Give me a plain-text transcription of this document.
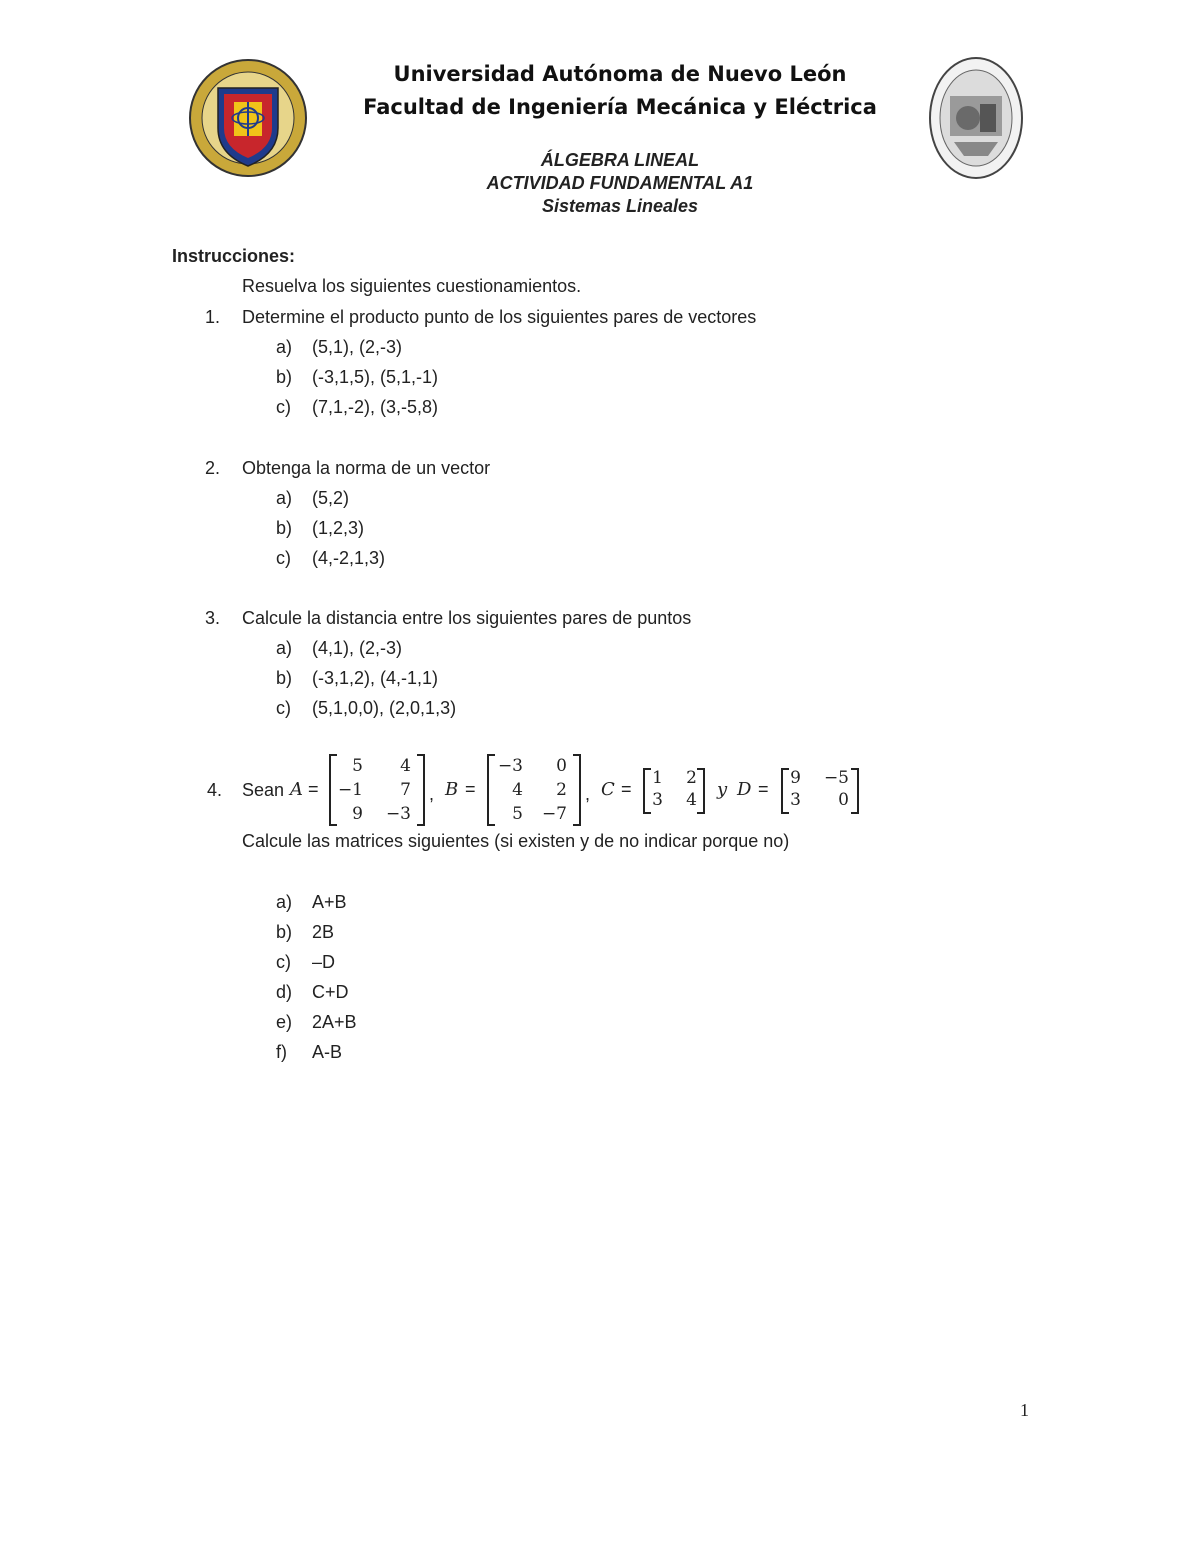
Universidad Autónoma de Nuevo León
Facultad de Ingeniería Mecánica y Eléctrica
ÁLGEBRA LINEAL
ACTIVIDAD FUNDAMENTAL A1
Sistemas Lineales
Instrucciones:
Resuelva los siguientes cuestionamientos.
1. Determine el producto punto de los siguientes pares de vectores
a) (5,1), (2,-3)
b) (-3,1,5), (5,1,-1)
c) (7,1,-2), (3,-5,8)
2. Obtenga la norma de un vector
a) (5,2)
b) (1,2,3)
c) (4,-2,1,3)
3. Calcule la distancia entre los siguientes pares de puntos
a) (4,1), (2,-3)
b) (-3,1,2), (4,-1,1)
c) (5,1,0,0), (2,0,1,3)
4. Sean A =
5	4
−1	7
9 −3
, B =
−3	0
4	2
5 −7
, C =
1	2
3	4 y D =
9	−5
3	0
Calcule las matrices siguientes (si existen y de no indicar porque no)
a) A+B
b) 2B
c) –D
d) C+D
e) 2A+B
f) A-B
1
